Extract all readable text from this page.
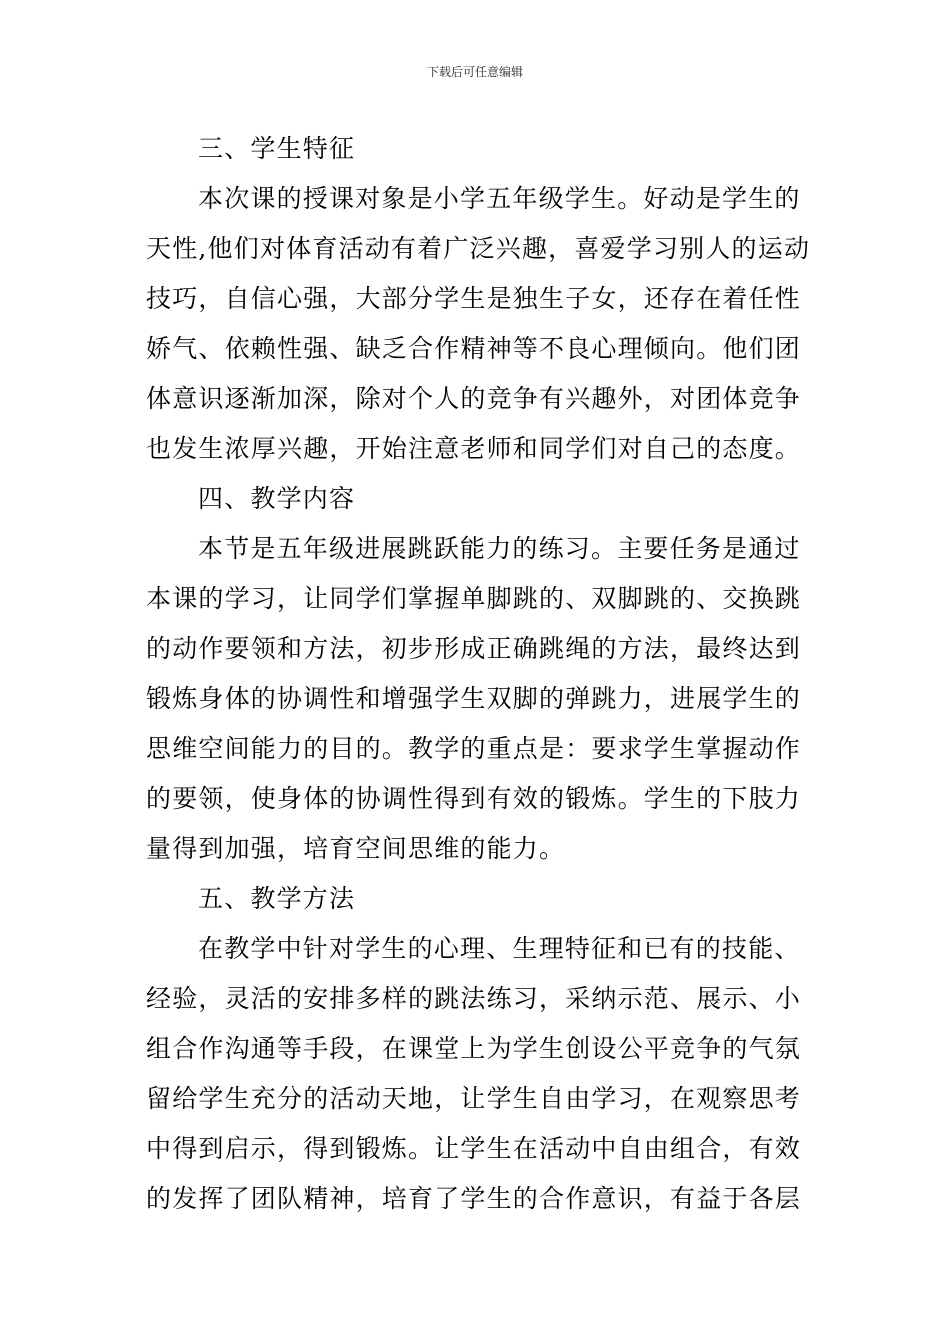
下载后可任意编辑
三、学生特征
本次课的授课对象是小学五年级学生。好动是学生的
天性,他们对体育活动有着广泛兴趣，喜爱学习别人的运动
技巧，自信心强，大部分学生是独生子女，还存在着任性
娇气、依赖性强、缺乏合作精神等不良心理倾向。他们团
体意识逐渐加深，除对个人的竞争有兴趣外，对团体竞争
也发生浓厚兴趣，开始注意老师和同学们对自己的态度。
四、教学内容
本节是五年级进展跳跃能力的练习。主要任务是通过
本课的学习，让同学们掌握单脚跳的、双脚跳的、交换跳
的动作要领和方法，初步形成正确跳绳的方法，最终达到
锻炼身体的协调性和增强学生双脚的弹跳力，进展学生的
思维空间能力的目的。教学的重点是：要求学生掌握动作
的要领，使身体的协调性得到有效的锻炼。学生的下肢力
量得到加强，培育空间思维的能力。
五、教学方法
在教学中针对学生的心理、生理特征和已有的技能、
经验，灵活的安排多样的跳法练习，采纳示范、展示、小
组合作沟通等手段，在课堂上为学生创设公平竞争的气氛
留给学生充分的活动天地，让学生自由学习，在观察思考
中得到启示，得到锻炼。让学生在活动中自由组合，有效
的发挥了团队精神，培育了学生的合作意识，有益于各层
